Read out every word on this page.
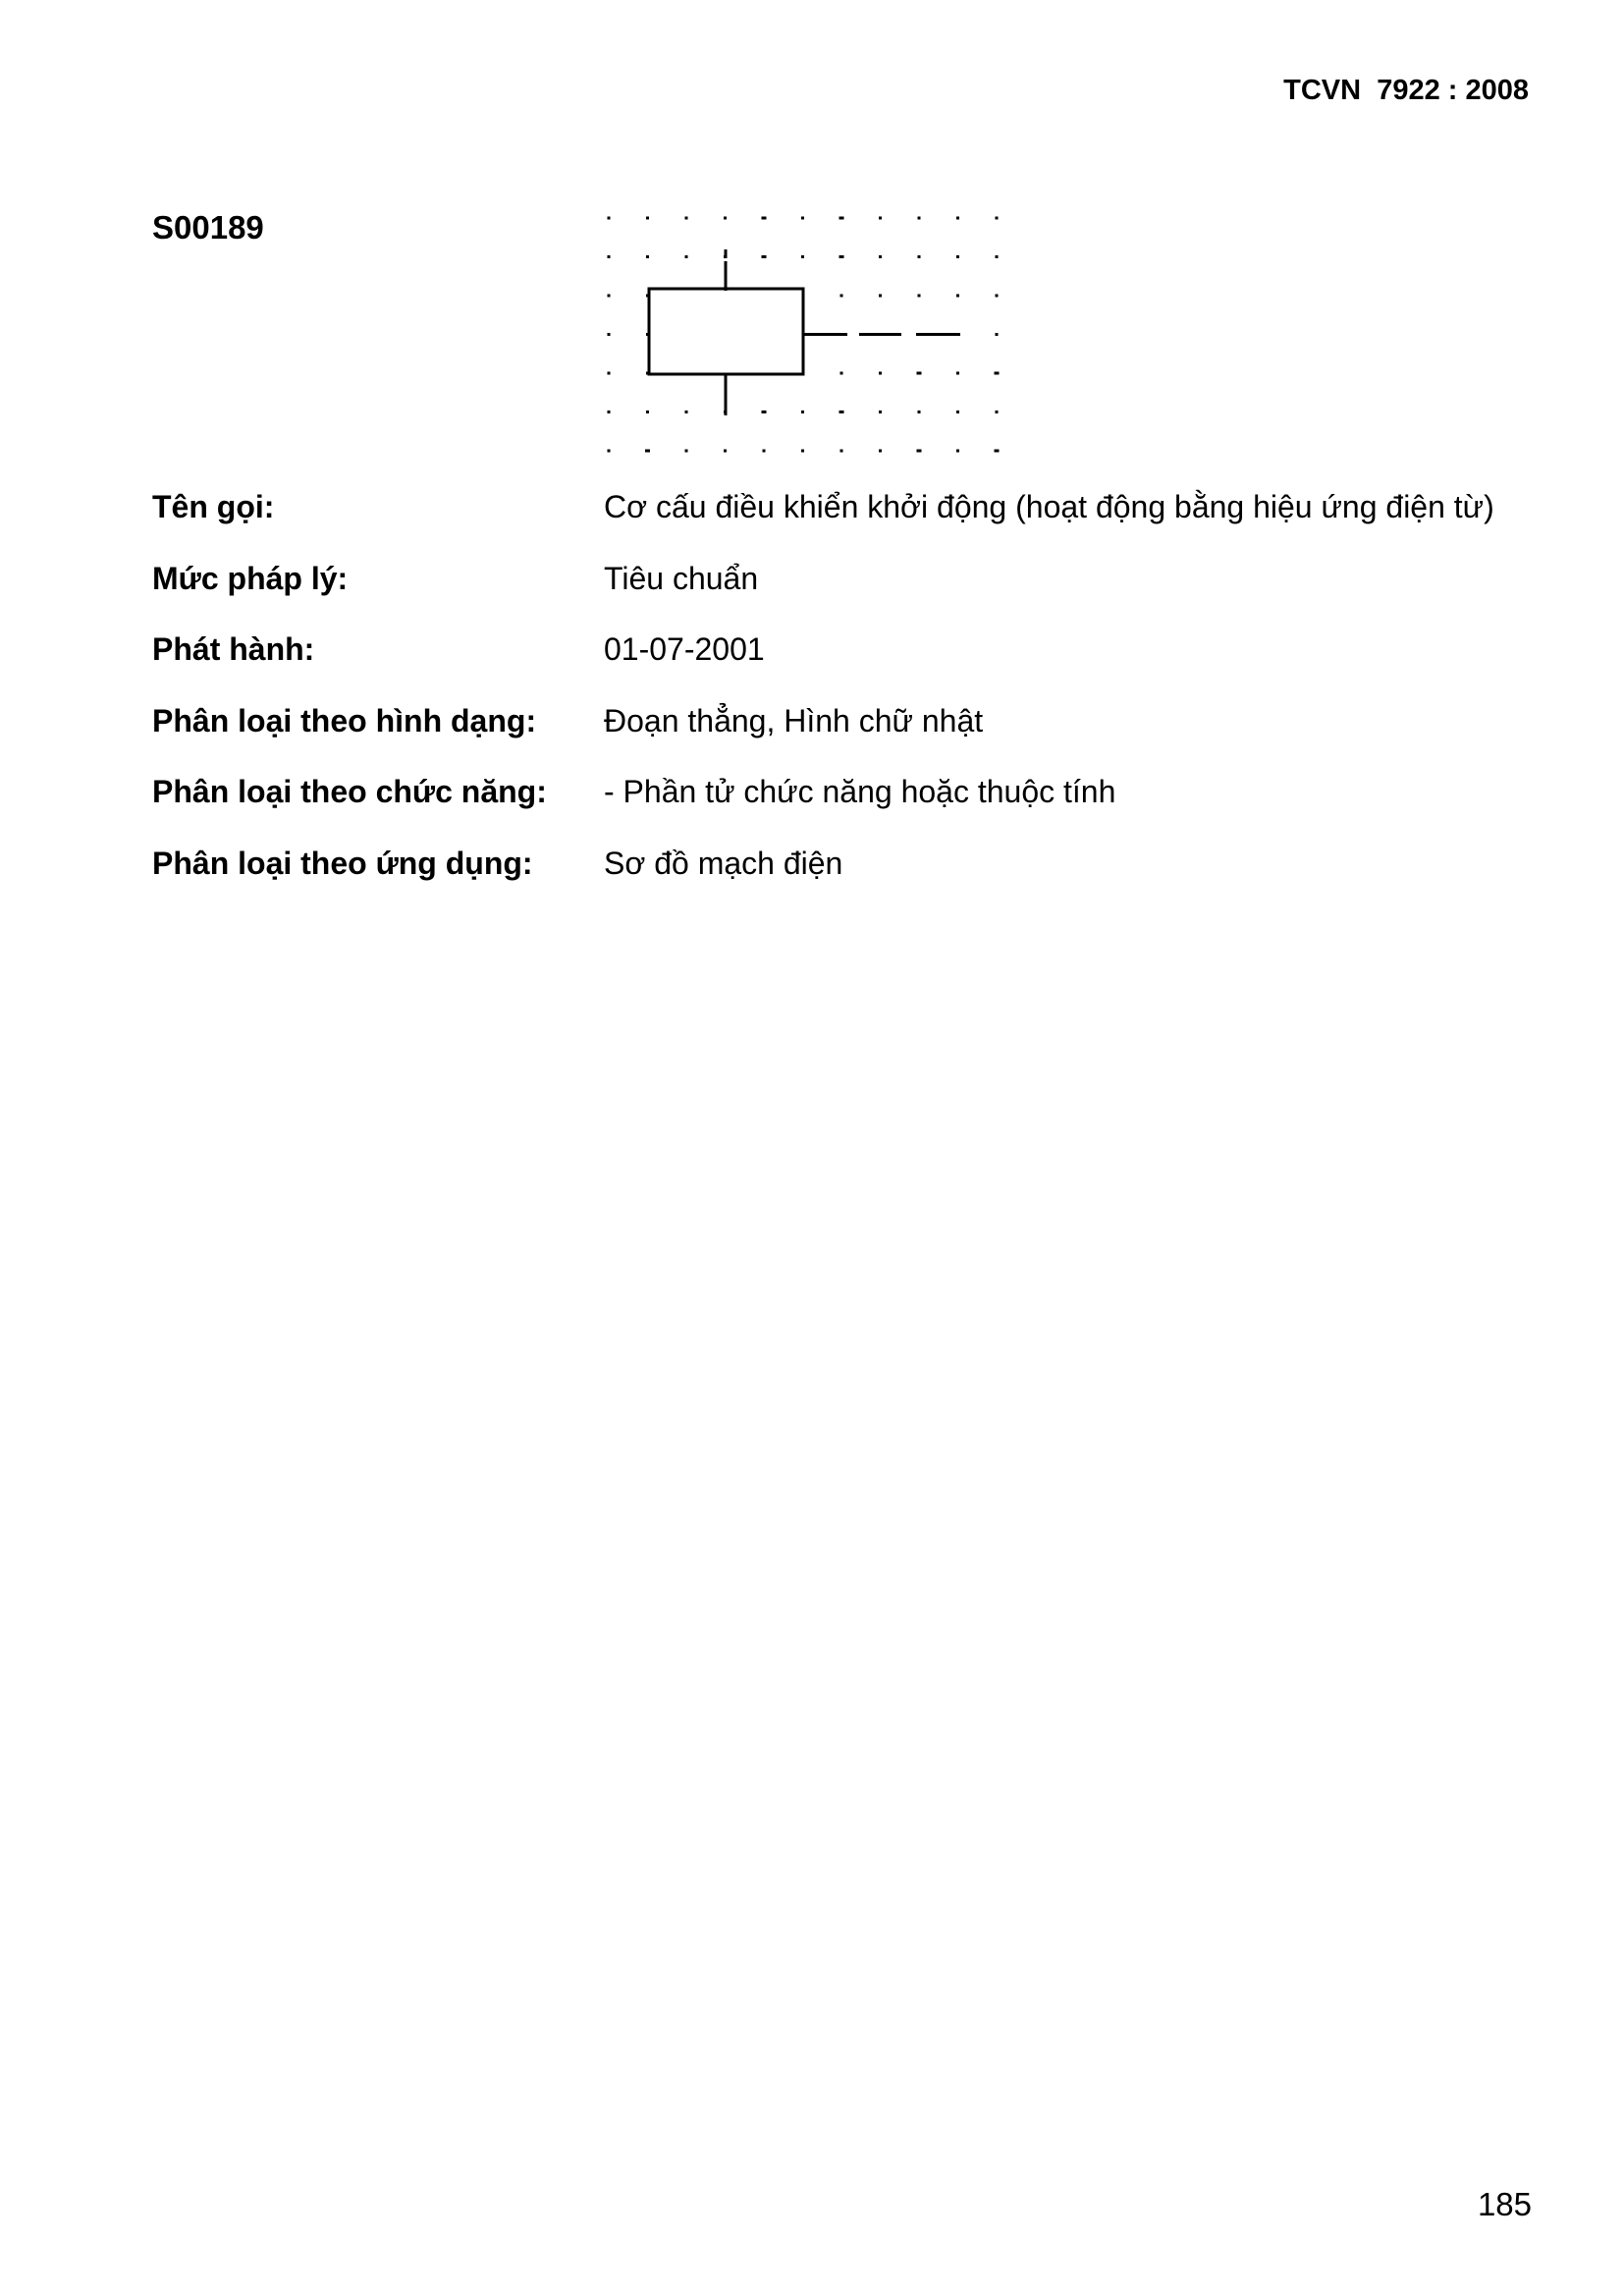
TCVN  7922 : 2008
S00189
Tên gọi:	Cơ cấu điều khiển khởi động (hoạt động bằng hiệu ứng điện từ)
Mức pháp lý:	Tiêu chuẩn
Phát hành:	01-07-2001
Phân loại theo hình dạng: Đoạn thẳng, Hình chữ nhật
Phân loại theo chức năng: - Phần tử chức năng hoặc thuộc tính
Phân loại theo ứng dụng: Sơ đồ mạch điện
185
